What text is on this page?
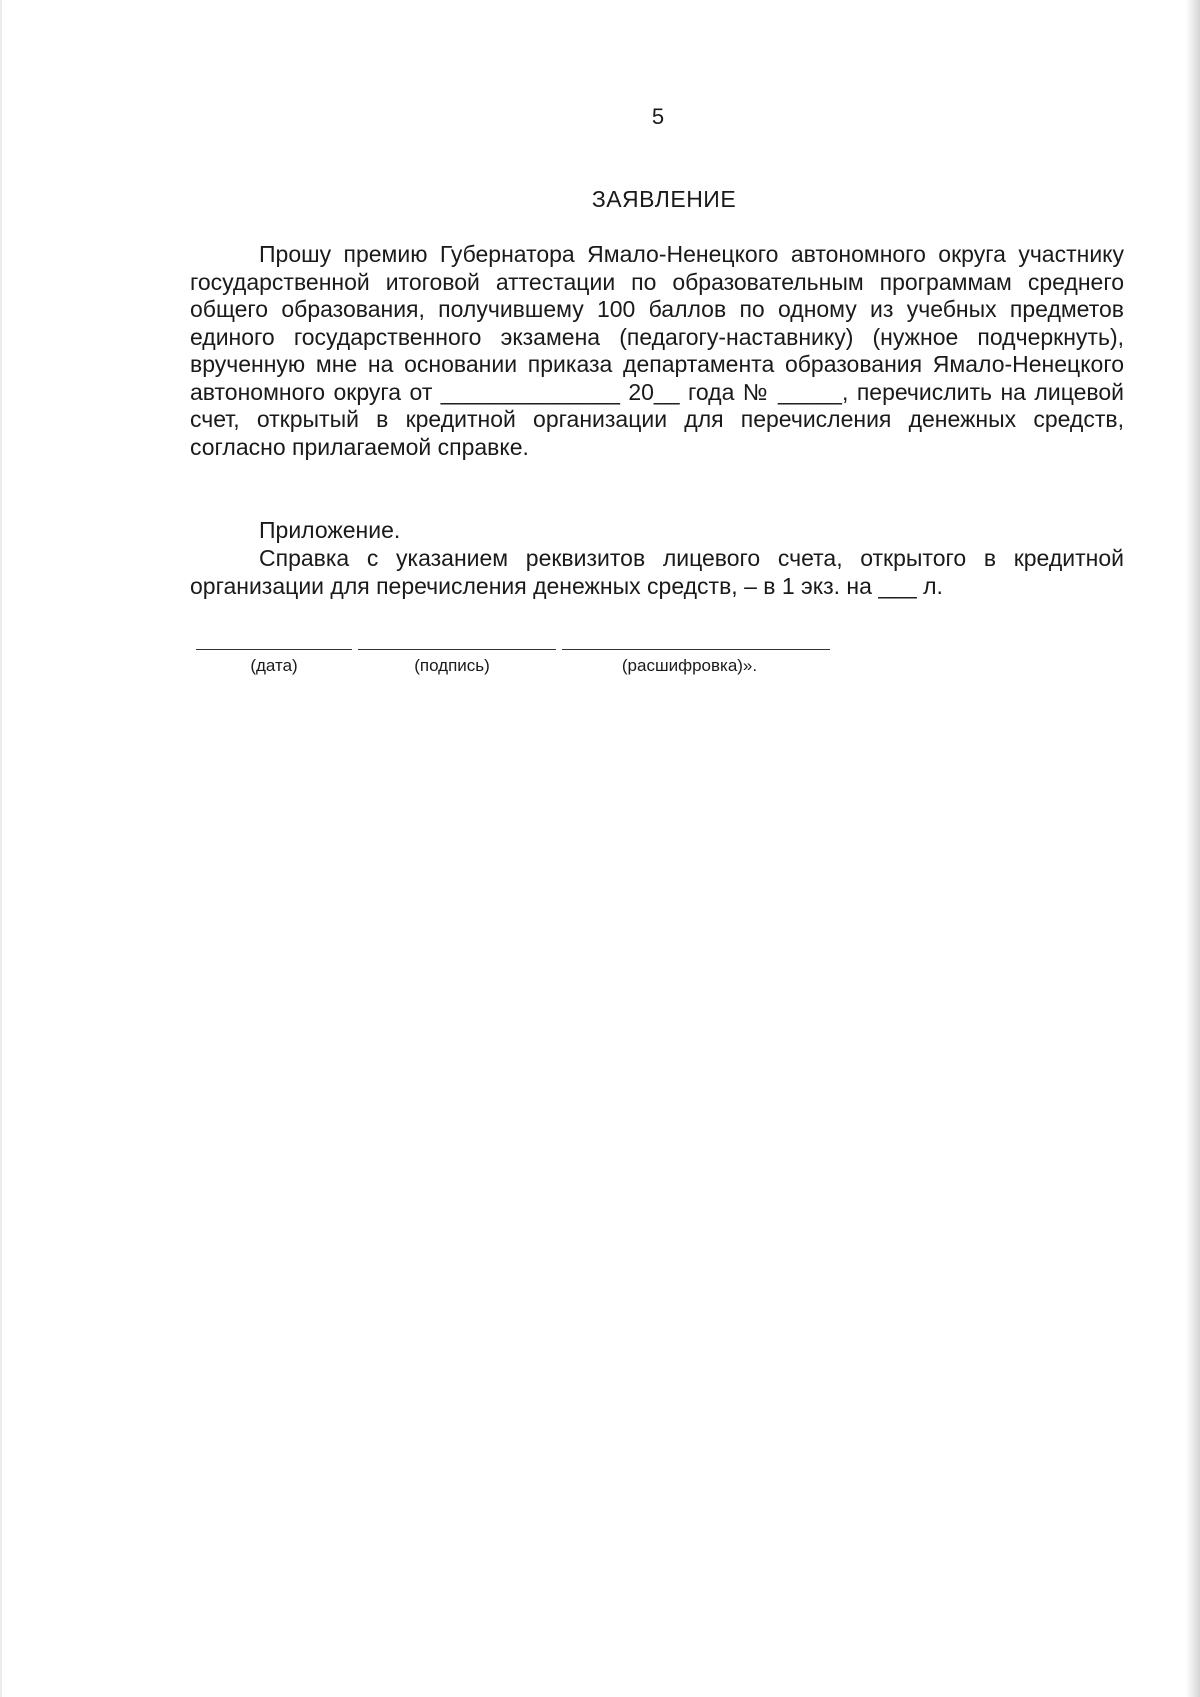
5
ЗАЯВЛЕНИЕ

Прошу премию Губернатора Ямало-Ненецкого автономного округа участнику государственной итоговой аттестации по образовательным программам среднего общего образования, получившему 100 баллов по одному из учебных предметов единого государственного экзамена (педагогу-наставнику) (нужное подчеркнуть), врученную мне на основании приказа департамента образования Ямало-Ненецкого автономного округа от ______________ 20__ года № _____, перечислить на лицевой счет, открытый в кредитной организации для перечисления денежных средств, согласно прилагаемой справке.

Приложение.

Справка с указанием реквизитов лицевого счета, открытого в кредитной организации для перечисления денежных средств, – в 1 экз. на ___ л.

(дата)	(подпись)	(расшифровка)».
